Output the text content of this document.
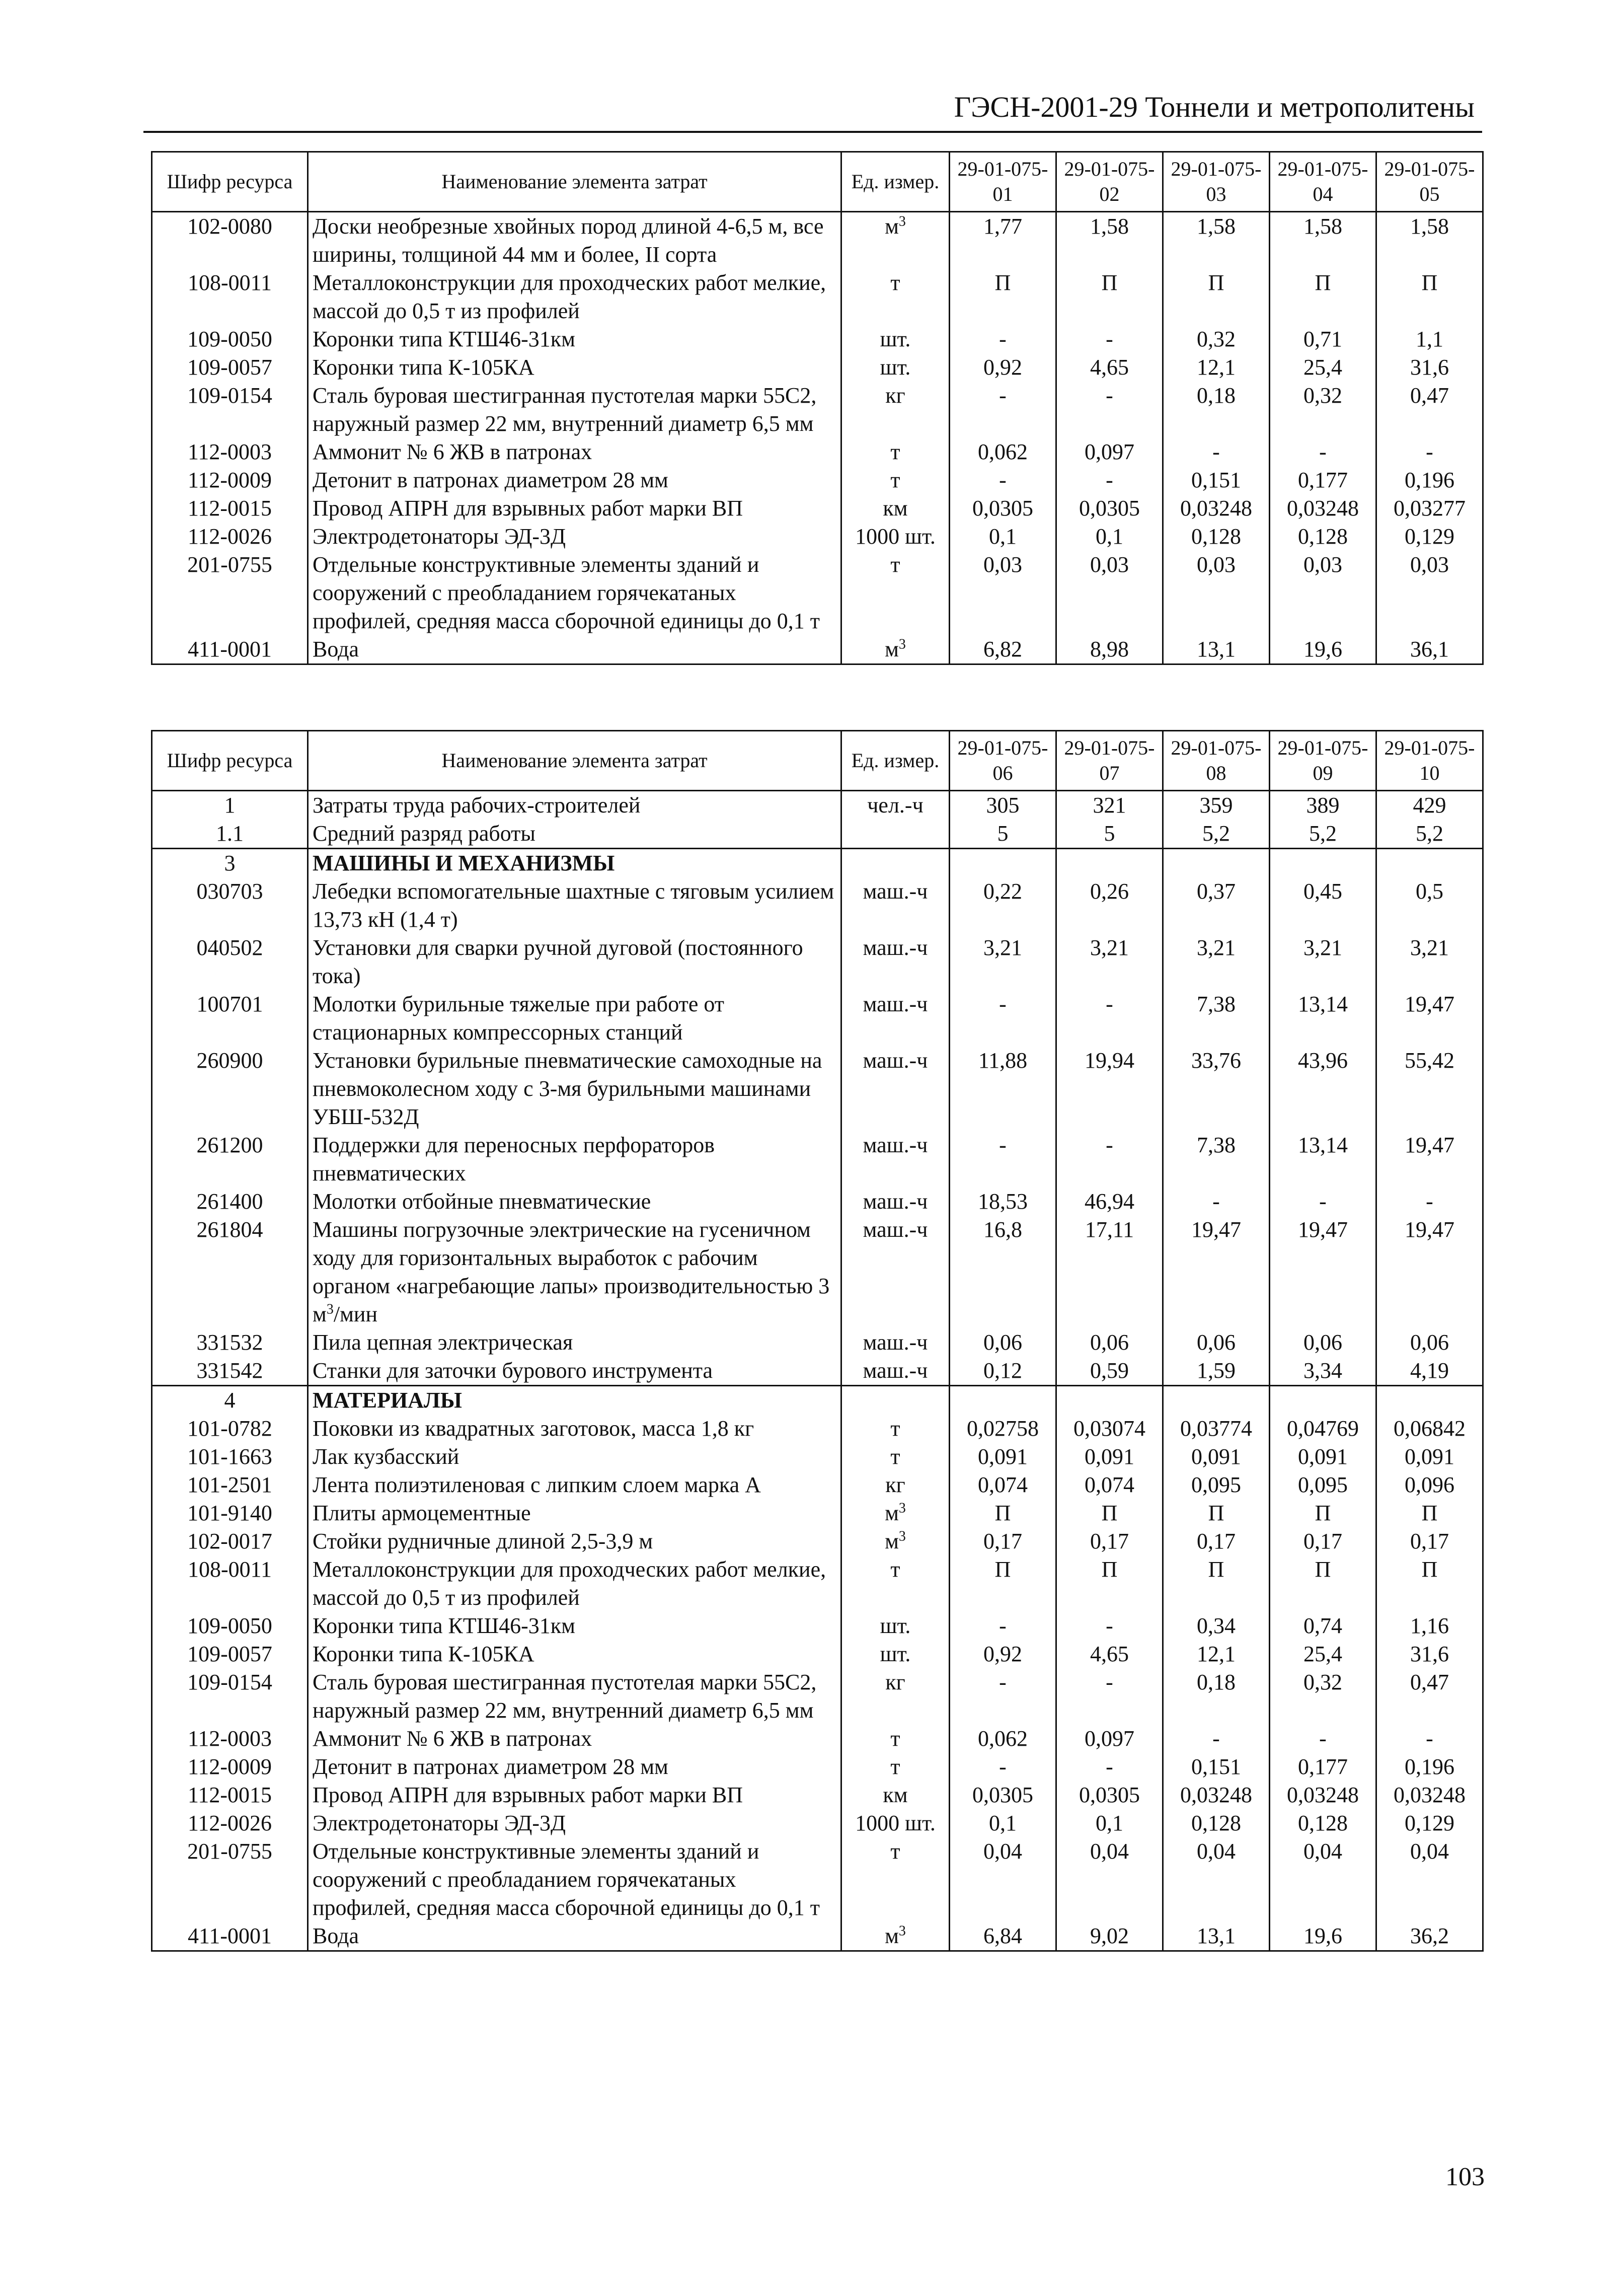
ГЭСН-2001-29 Тоннели и метрополитены
Шифр ресурса	Наименование элемента затрат	Ед. измер.	29-01-075-01	29-01-075-02	29-01-075-03	29-01-075-04	29-01-075-05
102-0080	Доски необрезные хвойных пород длиной 4-6,5 м, все ширины, толщиной 44 мм и более, II сорта	$м^3$	1,77	1,58	1,58	1,58	1,58
108-0011	Металлоконструкции для проходческих работ мелкие, массой до 0,5 т из профилей	т	П	П	П	П	П
109-0050	Коронки типа КТШ46-31км	шт.	-	-	0,32	0,71	1,1
109-0057	Коронки типа К-105КА	шт.	0,92	4,65	12,1	25,4	31,6
109-0154	Сталь буровая шестигранная пустотелая марки 55С2, наружный размер 22 мм, внутренний диаметр 6,5 мм	кг	-	-	0,18	0,32	0,47
112-0003	Аммонит № 6 ЖВ в патронах	т	0,062	0,097	-	-	-
112-0009	Детонит в патронах диаметром 28 мм	т	-	-	0,151	0,177	0,196
112-0015	Провод АПРН для взрывных работ марки ВП	км	0,0305	0,0305	0,03248	0,03248	0,03277
112-0026	Электродетонаторы ЭД-3Д	1000 шт.	0,1	0,1	0,128	0,128	0,129
201-0755	Отдельные конструктивные элементы зданий и сооружений с преобладанием горячекатаных профилей, средняя масса сборочной единицы до 0,1 т	т	0,03	0,03	0,03	0,03	0,03
411-0001	Вода	$м^3$	6,82	8,98	13,1	19,6	36,1
Шифр ресурса	Наименование элемента затрат	Ед. измер.	29-01-075-06	29-01-075-07	29-01-075-08	29-01-075-09	29-01-075-10
1	Затраты труда рабочих-строителей	чел.-ч	305	321	359	389	429
1.1	Средний разряд работы		5	5	5,2	5,2	5,2
3	МАШИНЫ И МЕХАНИЗМЫ						
030703	Лебедки вспомогательные шахтные с тяговым усилием 13,73 кН (1,4 т)	маш.-ч	0,22	0,26	0,37	0,45	0,5
040502	Установки для сварки ручной дуговой (постоянного тока)	маш.-ч	3,21	3,21	3,21	3,21	3,21
100701	Молотки бурильные тяжелые при работе от стационарных компрессорных станций	маш.-ч	-	-	7,38	13,14	19,47
260900	Установки бурильные пневматические самоходные на пневмоколесном ходу с 3-мя бурильными машинами УБШ-532Д	маш.-ч	11,88	19,94	33,76	43,96	55,42
261200	Поддержки для переносных перфораторов пневматических	маш.-ч	-	-	7,38	13,14	19,47
261400	Молотки отбойные пневматические	маш.-ч	18,53	46,94	-	-	-
261804	Машины погрузочные электрические на гусеничном ходу для горизонтальных выработок с рабочим органом «нагребающие лапы» производительностью 3 $м^3$/мин	маш.-ч	16,8	17,11	19,47	19,47	19,47
331532	Пила цепная электрическая	маш.-ч	0,06	0,06	0,06	0,06	0,06
331542	Станки для заточки бурового инструмента	маш.-ч	0,12	0,59	1,59	3,34	4,19
4	МАТЕРИАЛЫ						
101-0782	Поковки из квадратных заготовок, масса 1,8 кг	т	0,02758	0,03074	0,03774	0,04769	0,06842
101-1663	Лак кузбасский	т	0,091	0,091	0,091	0,091	0,091
101-2501	Лента полиэтиленовая с липким слоем марка А	кг	0,074	0,074	0,095	0,095	0,096
101-9140	Плиты армоцементные	$м^3$	П	П	П	П	П
102-0017	Стойки рудничные длиной 2,5-3,9 м	$м^3$	0,17	0,17	0,17	0,17	0,17
108-0011	Металлоконструкции для проходческих работ мелкие, массой до 0,5 т из профилей	т	П	П	П	П	П
109-0050	Коронки типа КТШ46-31км	шт.	-	-	0,34	0,74	1,16
109-0057	Коронки типа К-105КА	шт.	0,92	4,65	12,1	25,4	31,6
109-0154	Сталь буровая шестигранная пустотелая марки 55С2, наружный размер 22 мм, внутренний диаметр 6,5 мм	кг	-	-	0,18	0,32	0,47
112-0003	Аммонит № 6 ЖВ в патронах	т	0,062	0,097	-	-	-
112-0009	Детонит в патронах диаметром 28 мм	т	-	-	0,151	0,177	0,196
112-0015	Провод АПРН для взрывных работ марки ВП	км	0,0305	0,0305	0,03248	0,03248	0,03248
112-0026	Электродетонаторы ЭД-3Д	1000 шт.	0,1	0,1	0,128	0,128	0,129
201-0755	Отдельные конструктивные элементы зданий и сооружений с преобладанием горячекатаных профилей, средняя масса сборочной единицы до 0,1 т	т	0,04	0,04	0,04	0,04	0,04
411-0001	Вода	$м^3$	6,84	9,02	13,1	19,6	36,2
103
